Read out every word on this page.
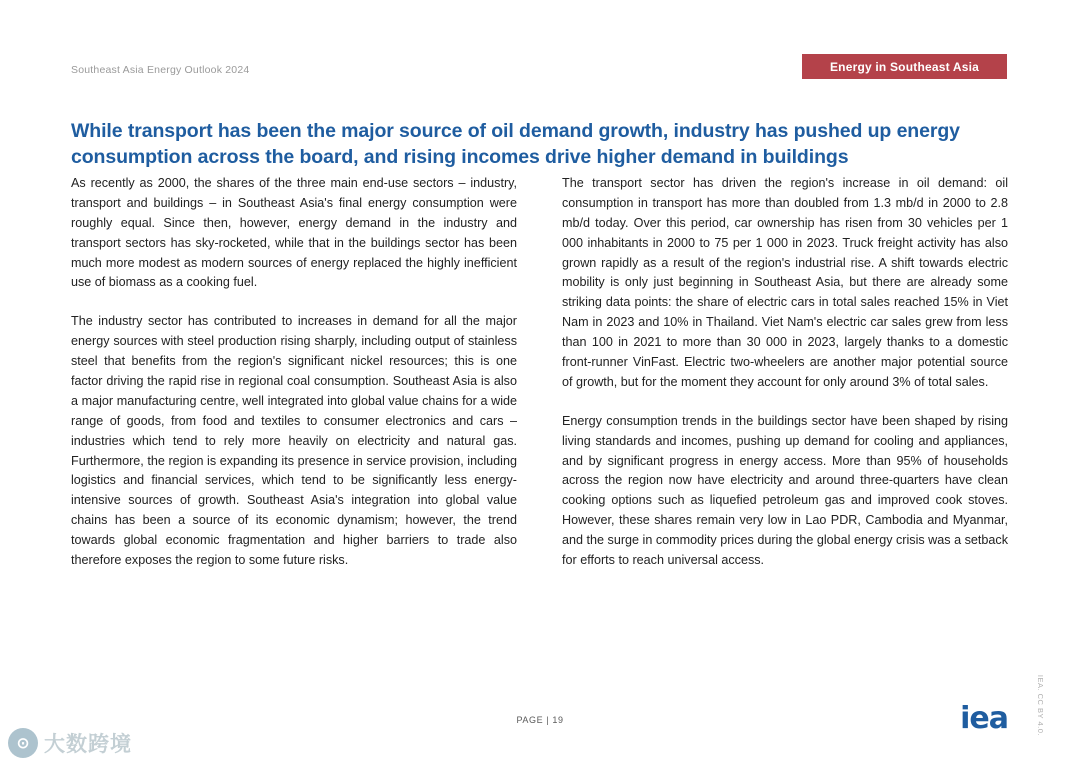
Southeast Asia Energy Outlook 2024	Energy in Southeast Asia
While transport has been the major source of oil demand growth, industry has pushed up energy consumption across the board, and rising incomes drive higher demand in buildings

As recently as 2000, the shares of the three main end-use sectors – industry, transport and buildings – in Southeast Asia's final energy consumption were roughly equal. Since then, however, energy demand in the industry and transport sectors has sky-rocketed, while that in the buildings sector has been much more modest as modern sources of energy replaced the highly inefficient use of biomass as a cooking fuel.

The industry sector has contributed to increases in demand for all the major energy sources with steel production rising sharply, including output of stainless steel that benefits from the region's significant nickel resources; this is one factor driving the rapid rise in regional coal consumption. Southeast Asia is also a major manufacturing centre, well integrated into global value chains for a wide range of goods, from food and textiles to consumer electronics and cars – industries which tend to rely more heavily on electricity and natural gas. Furthermore, the region is expanding its presence in service provision, including logistics and financial services, which tend to be significantly less energy-intensive sources of growth. Southeast Asia's integration into global value chains has been a source of its economic dynamism; however, the trend towards global economic fragmentation and higher barriers to trade also therefore exposes the region to some future risks.

The transport sector has driven the region's increase in oil demand: oil consumption in transport has more than doubled from 1.3 mb/d in 2000 to 2.8 mb/d today. Over this period, car ownership has risen from 30 vehicles per 1 000 inhabitants in 2000 to 75 per 1 000 in 2023. Truck freight activity has also grown rapidly as a result of the region's industrial rise. A shift towards electric mobility is only just beginning in Southeast Asia, but there are already some striking data points: the share of electric cars in total sales reached 15% in Viet Nam in 2023 and 10% in Thailand. Viet Nam's electric car sales grew from less than 100 in 2021 to more than 30 000 in 2023, largely thanks to a domestic front-runner VinFast. Electric two-wheelers are another major potential source of growth, but for the moment they account for only around 3% of total sales.

Energy consumption trends in the buildings sector have been shaped by rising living standards and incomes, pushing up demand for cooling and appliances, and by significant progress in energy access. More than 95% of households across the region now have electricity and around three-quarters have clean cooking options such as liquefied petroleum gas and improved cook stoves. However, these shares remain very low in Lao PDR, Cambodia and Myanmar, and the surge in commodity prices during the global energy crisis was a setback for efforts to reach universal access.

PAGE | 19	iea	IEA. CC BY 4.0.
⊙ 大数跨境
